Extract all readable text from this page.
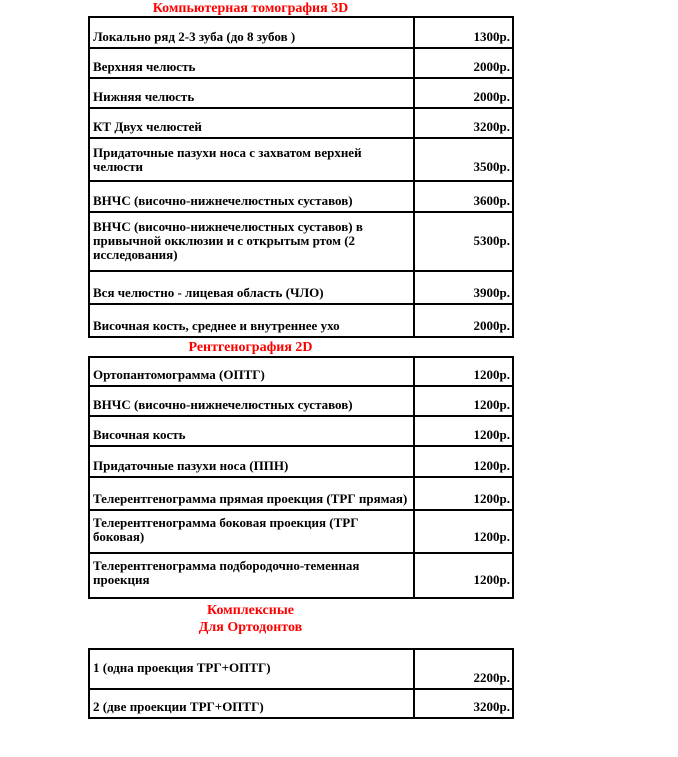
Компьютерная томография 3D
Локально ряд 2-3 зуба (до 8 зубов )	1300р.
Верхняя челюсть	2000р.
Нижняя челюсть	2000р.
КТ Двух челюстей	3200р.
Придаточные пазухи носа с захватом верхней челюсти	3500р.
ВНЧС (височно-нижнечелюстных суставов)	3600р.
ВНЧС (височно-нижнечелюстных суставов) в привычной окклюзии и с открытым ртом (2 исследования)	5300р.
Вся челюстно - лицевая область (ЧЛО)	3900р.
Височная кость, среднее и внутреннее ухо	2000р.
Рентгенография 2D
Ортопантомограмма (ОПТГ)	1200р.
ВНЧС (височно-нижнечелюстных суставов)	1200р.
Височная кость	1200р.
Придаточные пазухи носа (ППН)	1200р.
Телерентгенограмма прямая проекция (ТРГ прямая)	1200р.
Телерентгенограмма боковая проекция (ТРГ боковая)	1200р.
Телерентгенограмма подбородочно-теменная проекция	1200р.
Комплексные
Для Ортодонтов
1 (одна проекция ТРГ+ОПТГ)	2200р.
2 (две проекции ТРГ+ОПТГ)	3200р.
